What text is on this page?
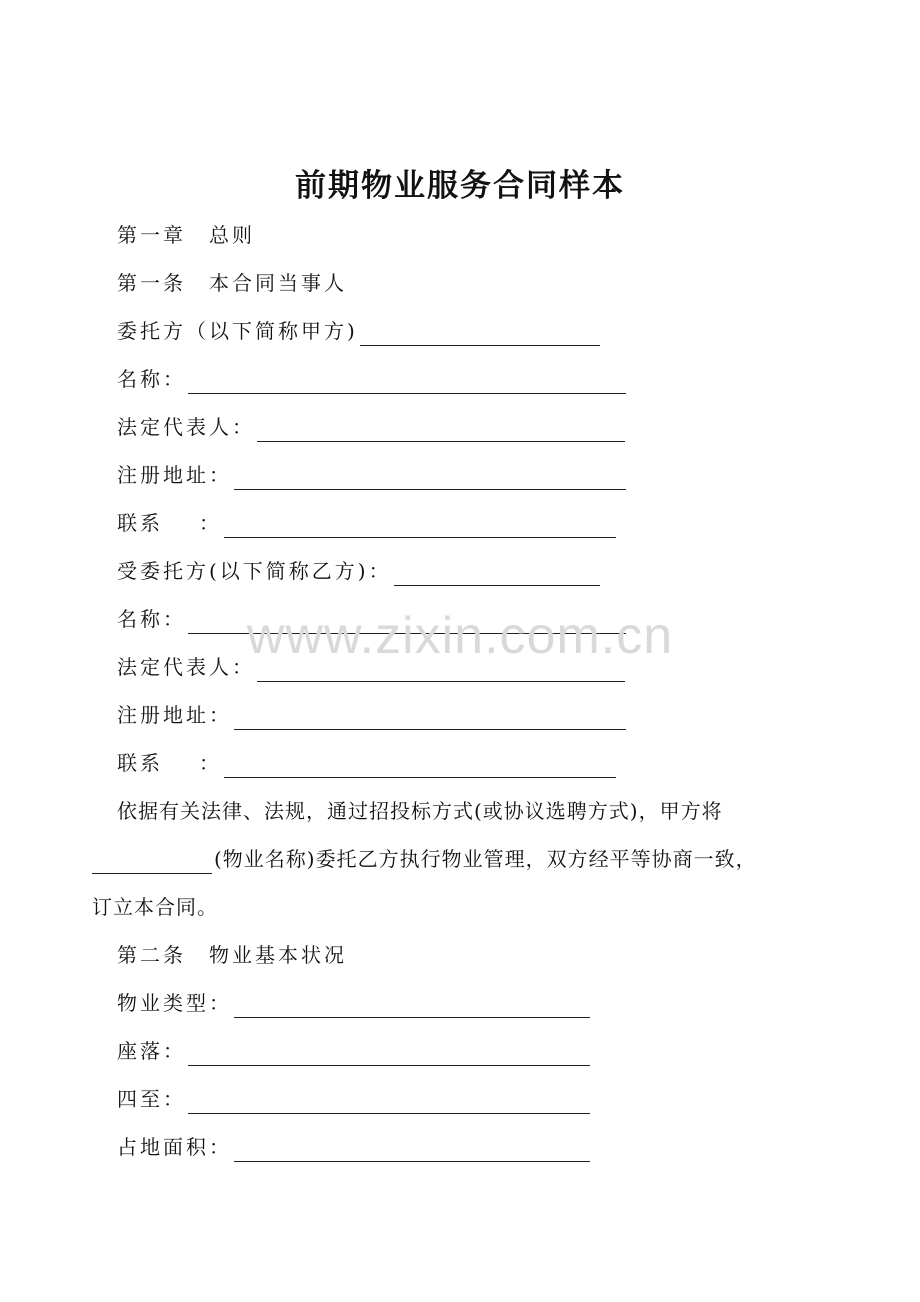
前期物业服务合同样本
第一章　总则
第一条　本合同当事人
委托方（以下简称甲方)
名称：
法定代表人：
注册地址：
联系 ：
受委托方(以下简称乙方)：
名称：
法定代表人：
注册地址：
联系 ：
依据有关法律、法规，通过招投标方式(或协议选聘方式)，甲方将
(物业名称)委托乙方执行物业管理，双方经平等协商一致，
订立本合同。
第二条　物业基本状况
物业类型：
座落：
四至：
占地面积：
www.zixin.com.cn
